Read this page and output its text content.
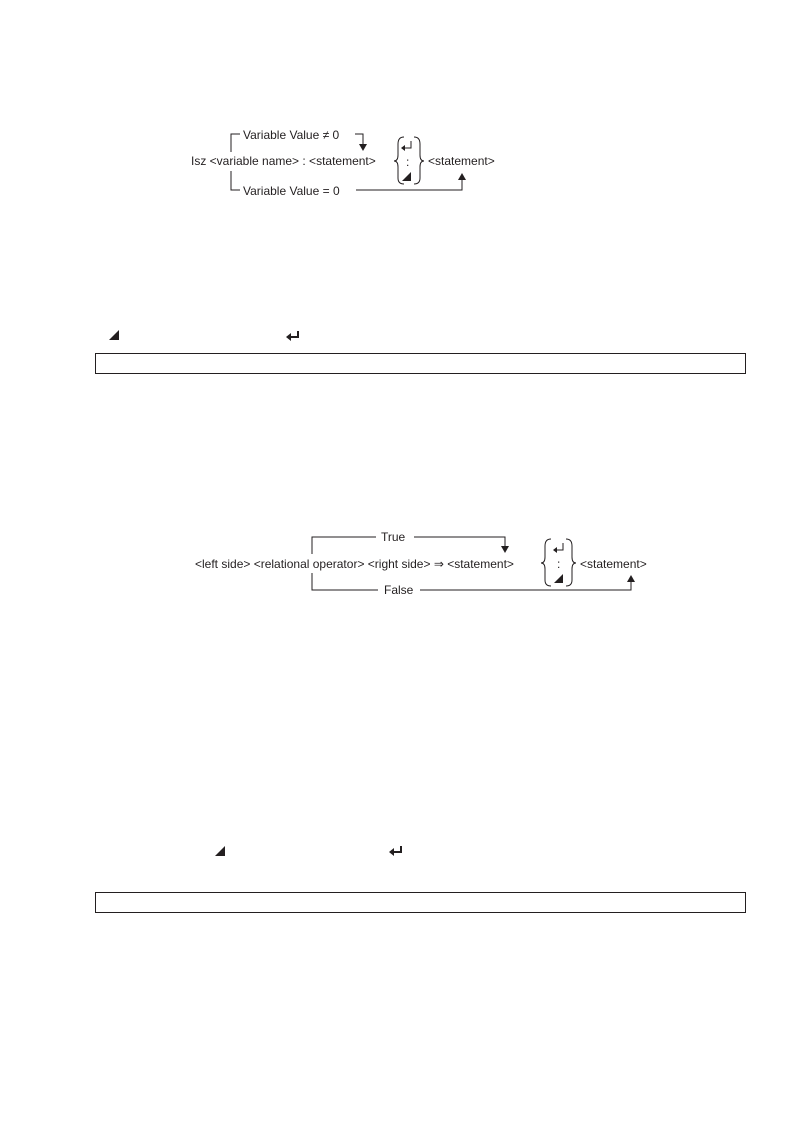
Variable Value ≠ 0
Isz <variable name> : <statement>	: <statement>
Variable Value = 0
True
<left side> <relational operator> <right side> ⇒ <statement>	: <statement>
False
